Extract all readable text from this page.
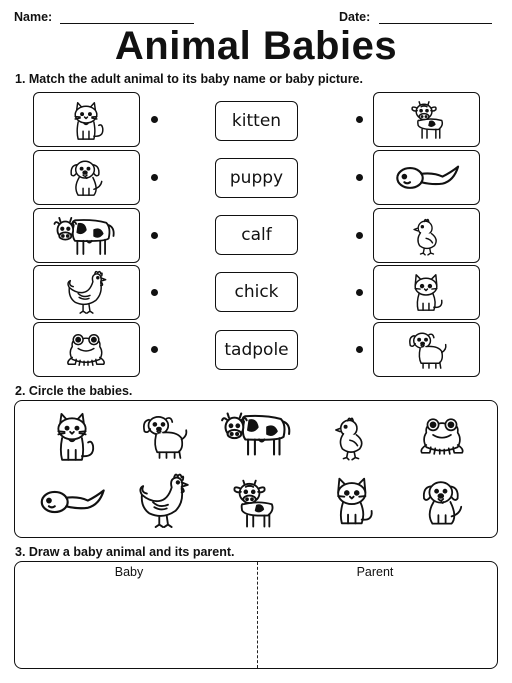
Name:	Date:
Animal Babies
1. Match the adult animal to its baby name or baby picture.
kitten
puppy
calf
chick
tadpole
2. Circle the babies.
3. Draw a baby animal and its parent.
Baby	Parent
